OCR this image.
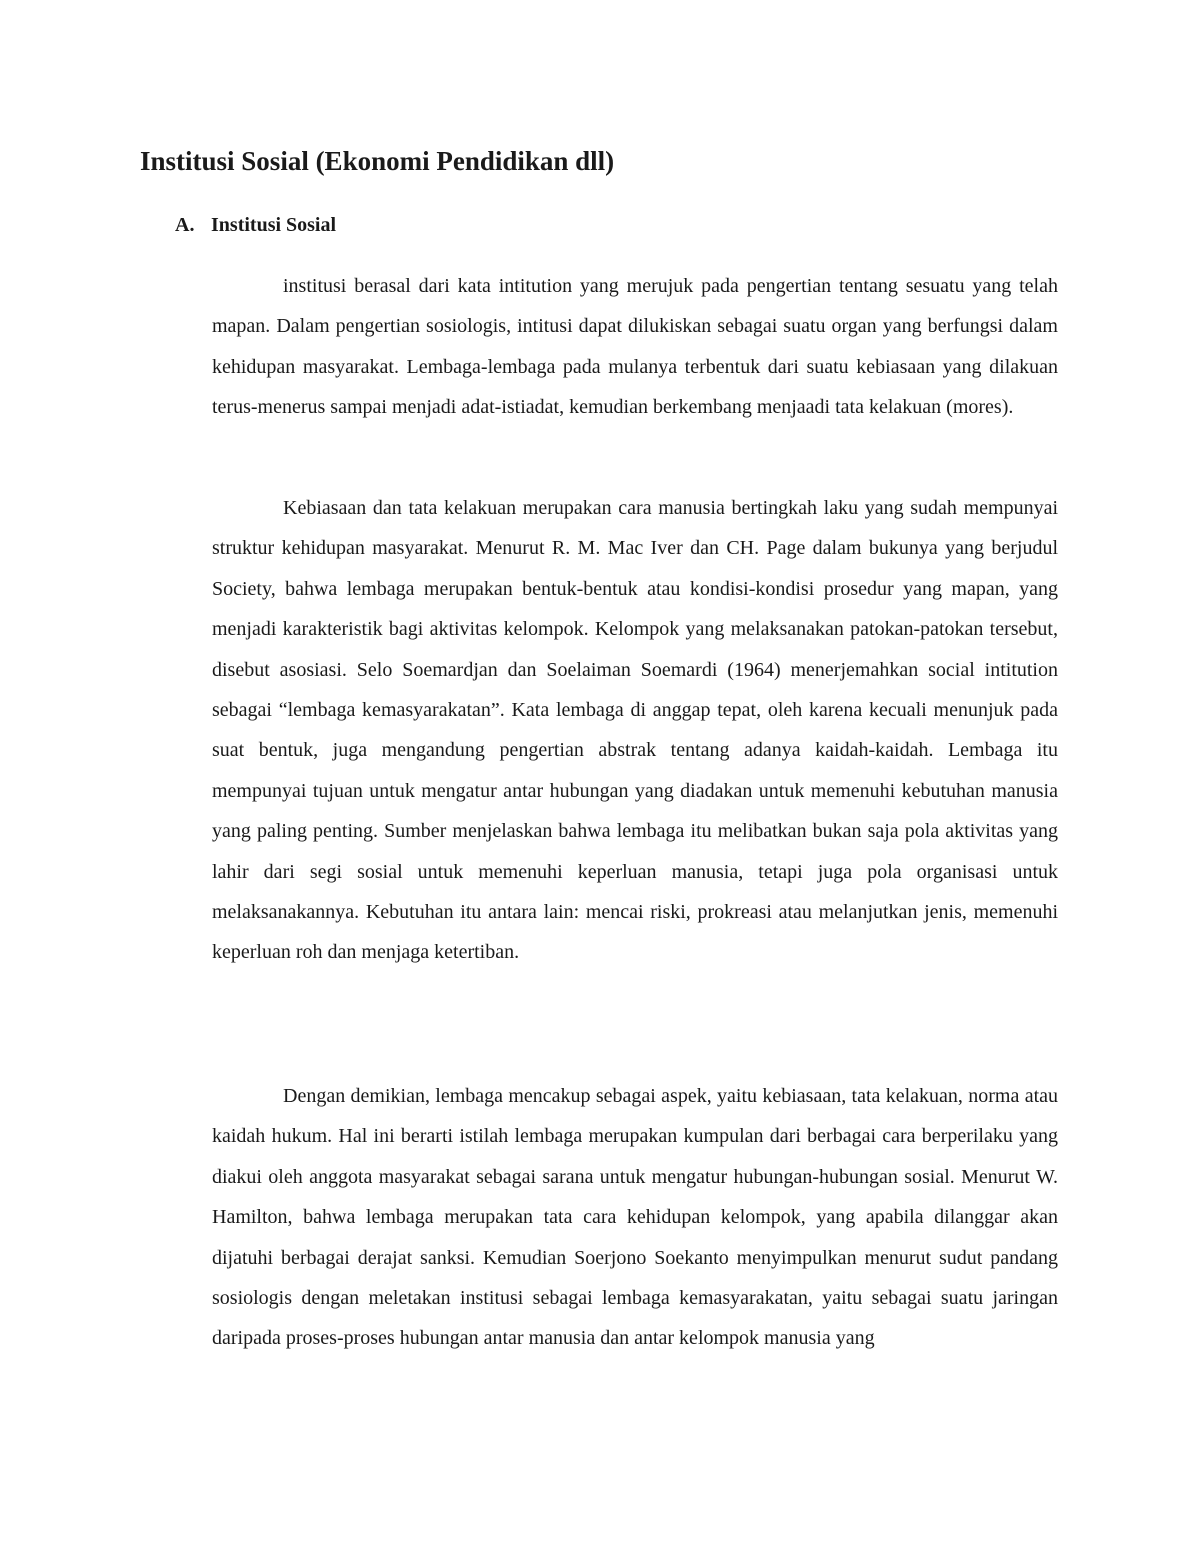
Institusi Sosial (Ekonomi Pendidikan dll)
A. Institusi Sosial

institusi berasal dari kata intitution yang merujuk pada pengertian tentang sesuatu yang telah mapan. Dalam pengertian sosiologis, intitusi dapat dilukiskan sebagai suatu organ yang berfungsi dalam kehidupan masyarakat. Lembaga-lembaga pada mulanya terbentuk dari suatu kebiasaan yang dilakuan terus-menerus sampai menjadi adat-istiadat, kemudian berkembang menjaadi tata kelakuan (mores).

Kebiasaan dan tata kelakuan merupakan cara manusia bertingkah laku yang sudah mempunyai struktur kehidupan masyarakat. Menurut R. M. Mac Iver dan CH. Page dalam bukunya yang berjudul Society, bahwa lembaga merupakan bentuk-bentuk atau kondisi-kondisi prosedur yang mapan, yang menjadi karakteristik bagi aktivitas kelompok. Kelompok yang melaksanakan patokan-patokan tersebut, disebut asosiasi. Selo Soemardjan dan Soelaiman Soemardi (1964) menerjemahkan social intitution sebagai “lembaga kemasyarakatan”. Kata lembaga di anggap tepat, oleh karena kecuali menunjuk pada suat bentuk, juga mengandung pengertian abstrak tentang adanya kaidah-kaidah. Lembaga itu mempunyai tujuan untuk mengatur antar hubungan yang diadakan untuk memenuhi kebutuhan manusia yang paling penting. Sumber menjelaskan bahwa lembaga itu melibatkan bukan saja pola aktivitas yang lahir dari segi sosial untuk memenuhi keperluan manusia, tetapi juga pola organisasi untuk melaksanakannya. Kebutuhan itu antara lain: mencai riski, prokreasi atau melanjutkan jenis, memenuhi keperluan roh dan menjaga ketertiban.

Dengan demikian, lembaga mencakup sebagai aspek, yaitu kebiasaan, tata kelakuan, norma atau kaidah hukum. Hal ini berarti istilah lembaga merupakan kumpulan dari berbagai cara berperilaku yang diakui oleh anggota masyarakat sebagai sarana untuk mengatur hubungan-hubungan sosial. Menurut W. Hamilton, bahwa lembaga merupakan tata cara kehidupan kelompok, yang apabila dilanggar akan dijatuhi berbagai derajat sanksi. Kemudian Soerjono Soekanto menyimpulkan menurut sudut pandang sosiologis dengan meletakan institusi sebagai lembaga kemasyarakatan, yaitu sebagai suatu jaringan daripada proses-proses hubungan antar manusia dan antar kelompok manusia yang
